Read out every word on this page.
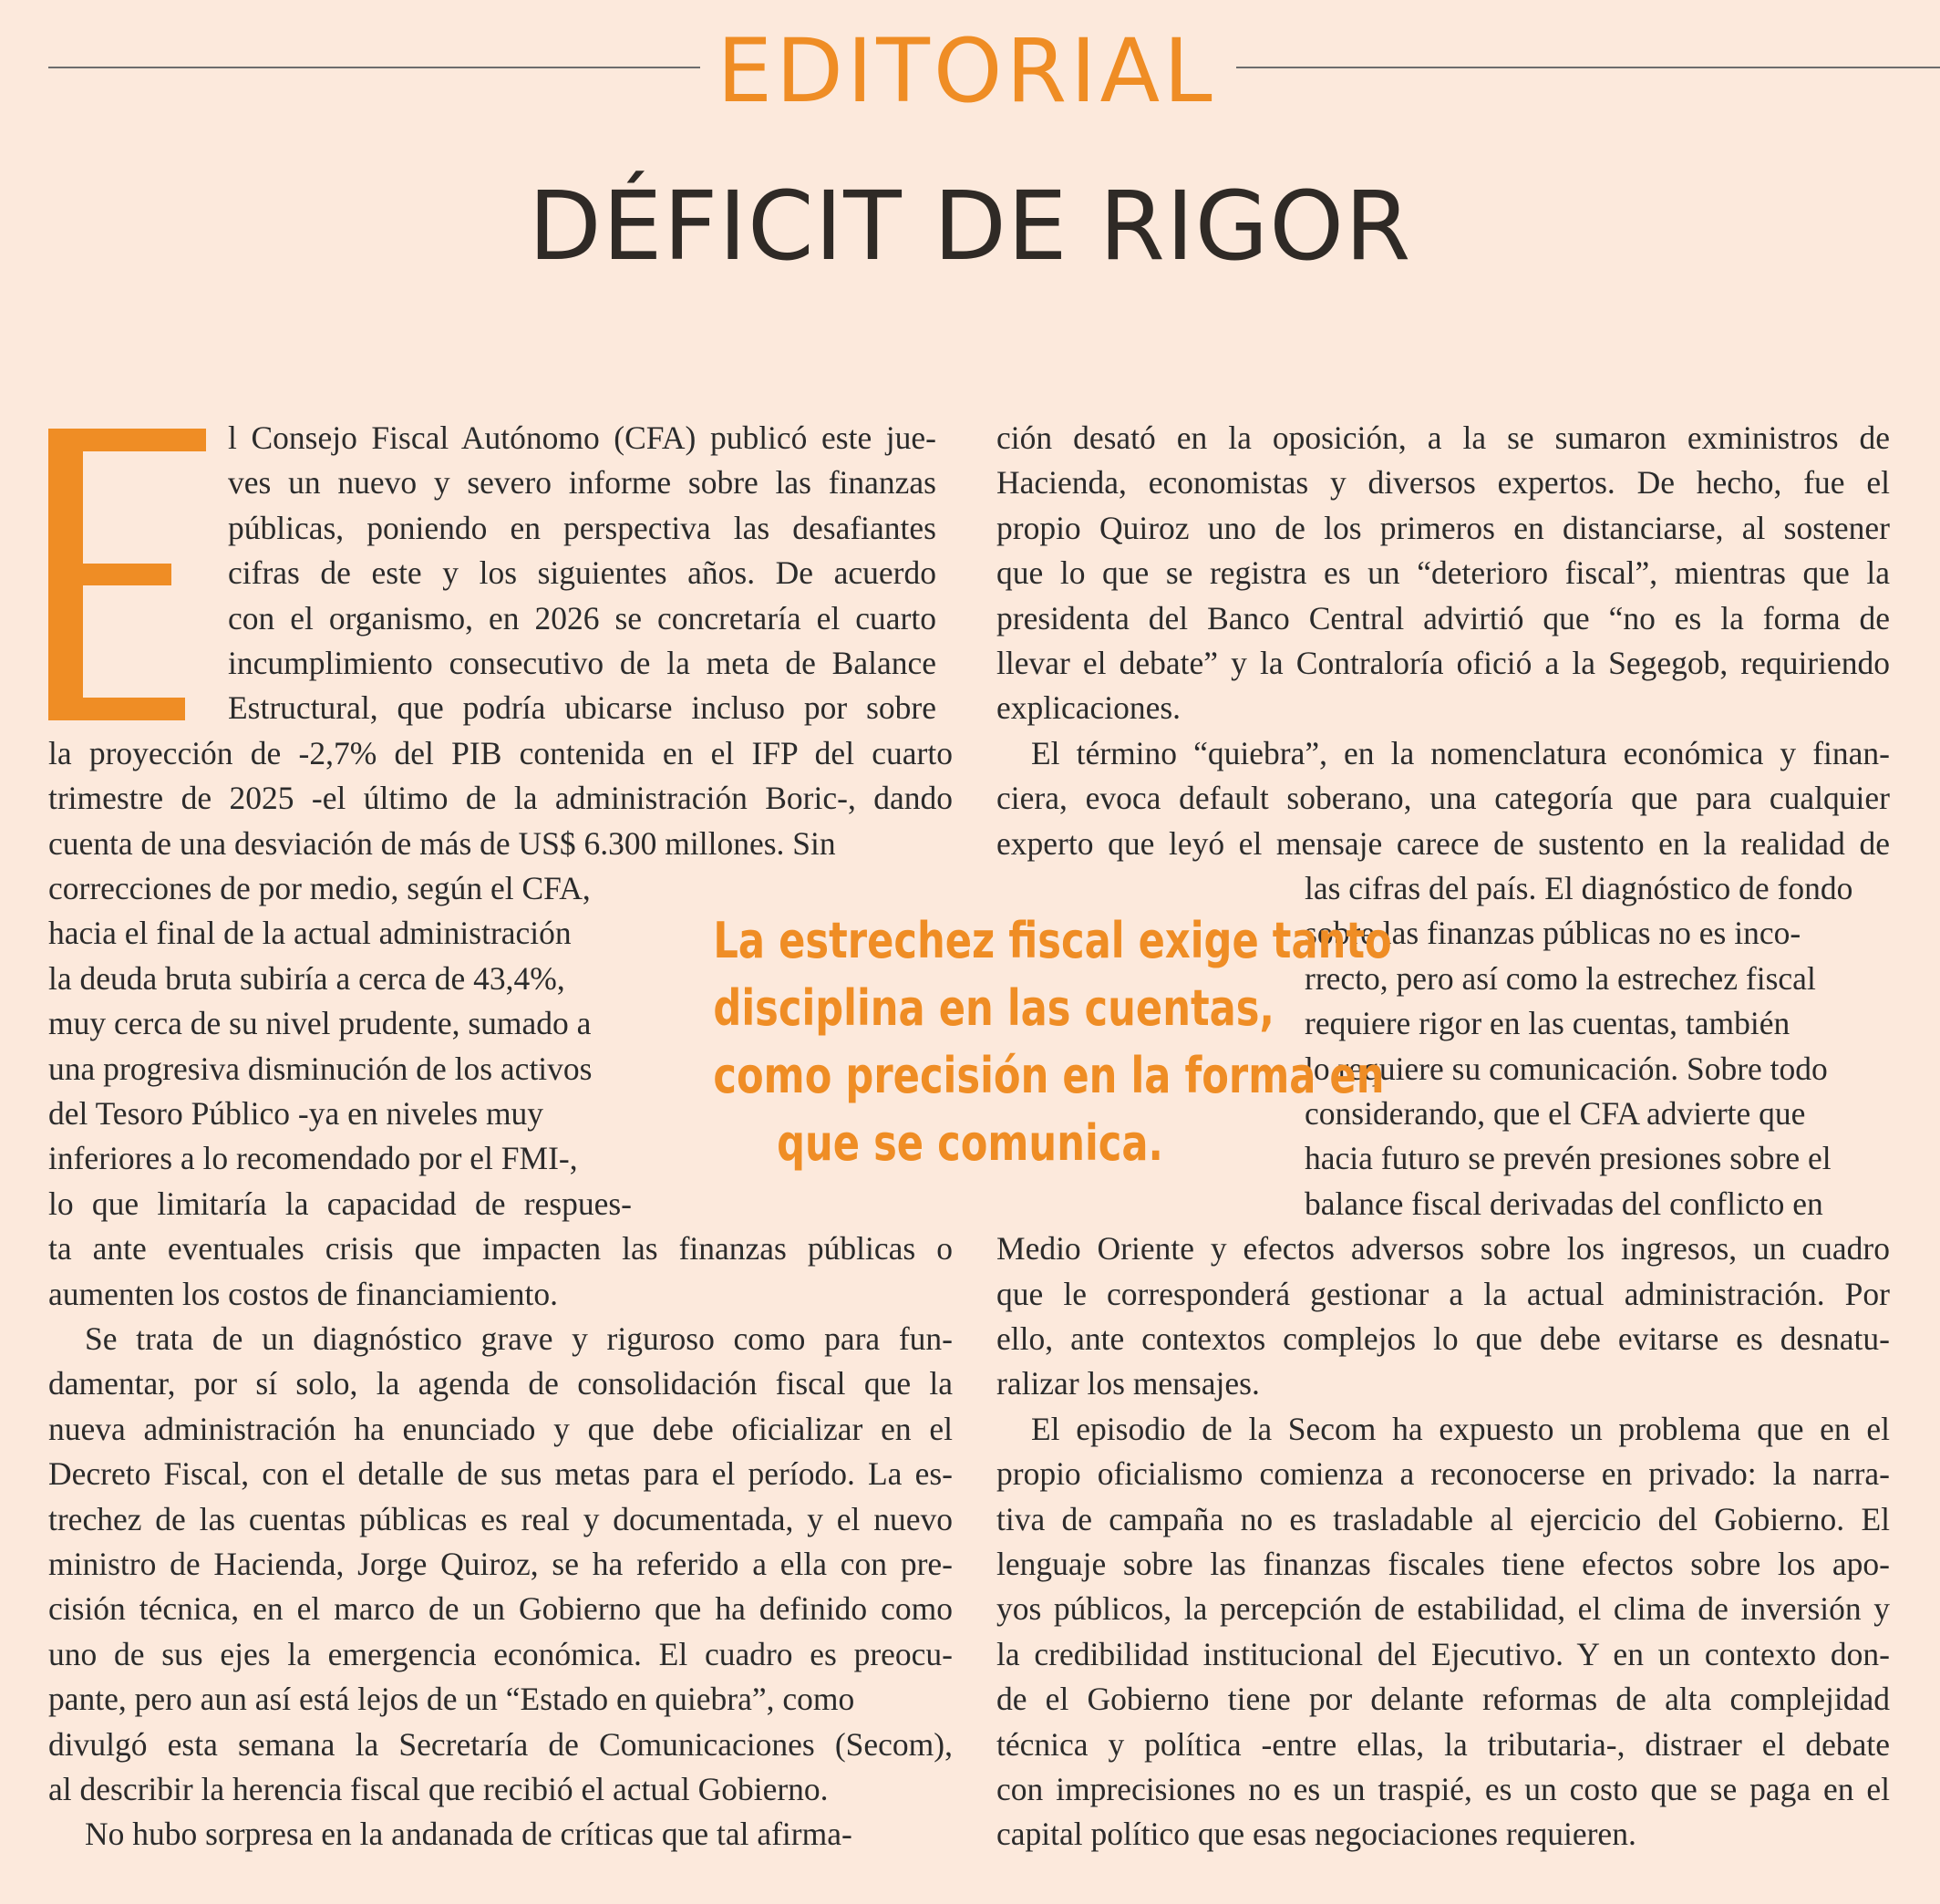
EDITORIAL
DÉFICIT DE RIGOR
l Consejo Fiscal Autónomo (CFA) publicó este jue-
ves un nuevo y severo informe sobre las finanzas
públicas, poniendo en perspectiva las desafiantes
cifras de este y los siguientes años. De acuerdo
con el organismo, en 2026 se concretaría el cuarto
incumplimiento consecutivo de la meta de Balance
Estructural, que podría ubicarse incluso por sobre
la proyección de -2,7% del PIB contenida en el IFP del cuarto
trimestre de 2025 -el último de la administración Boric-, dando
cuenta de una desviación de más de US$ 6.300 millones. Sin
correcciones de por medio, según el CFA,
hacia el final de la actual administración
la deuda bruta subiría a cerca de 43,4%,
muy cerca de su nivel prudente, sumado a
una progresiva disminución de los activos
del Tesoro Público -ya en niveles muy
inferiores a lo recomendado por el FMI-,
lo que limitaría la capacidad de respues-
ta ante eventuales crisis que impacten las finanzas públicas o
aumenten los costos de financiamiento.
Se trata de un diagnóstico grave y riguroso como para fun-
damentar, por sí solo, la agenda de consolidación fiscal que la
nueva administración ha enunciado y que debe oficializar en el
Decreto Fiscal, con el detalle de sus metas para el período. La es-
trechez de las cuentas públicas es real y documentada, y el nuevo
ministro de Hacienda, Jorge Quiroz, se ha referido a ella con pre-
cisión técnica, en el marco de un Gobierno que ha definido como
uno de sus ejes la emergencia económica. El cuadro es preocu-
pante, pero aun así está lejos de un “Estado en quiebra”, como
divulgó esta semana la Secretaría de Comunicaciones (Secom),
al describir la herencia fiscal que recibió el actual Gobierno.
No hubo sorpresa en la andanada de críticas que tal afirma-
ción desató en la oposición, a la se sumaron exministros de
Hacienda, economistas y diversos expertos. De hecho, fue el
propio Quiroz uno de los primeros en distanciarse, al sostener
que lo que se registra es un “deterioro fiscal”, mientras que la
presidenta del Banco Central advirtió que “no es la forma de
llevar el debate” y la Contraloría ofició a la Segegob, requiriendo
explicaciones.
El término “quiebra”, en la nomenclatura económica y finan-
ciera, evoca default soberano, una categoría que para cualquier
experto que leyó el mensaje carece de sustento en la realidad de
las cifras del país. El diagnóstico de fondo
sobre las finanzas públicas no es inco-
rrecto, pero así como la estrechez fiscal
requiere rigor en las cuentas, también
lo requiere su comunicación. Sobre todo
considerando, que el CFA advierte que
hacia futuro se prevén presiones sobre el
balance fiscal derivadas del conflicto en
Medio Oriente y efectos adversos sobre los ingresos, un cuadro
que le corresponderá gestionar a la actual administración. Por
ello, ante contextos complejos lo que debe evitarse es desnatu-
ralizar los mensajes.
El episodio de la Secom ha expuesto un problema que en el
propio oficialismo comienza a reconocerse en privado: la narra-
tiva de campaña no es trasladable al ejercicio del Gobierno. El
lenguaje sobre las finanzas fiscales tiene efectos sobre los apo-
yos públicos, la percepción de estabilidad, el clima de inversión y
la credibilidad institucional del Ejecutivo. Y en un contexto don-
de el Gobierno tiene por delante reformas de alta complejidad
técnica y política -entre ellas, la tributaria-, distraer el debate
con imprecisiones no es un traspié, es un costo que se paga en el
capital político que esas negociaciones requieren.
La estrechez fiscal exige tanto
disciplina en las cuentas,
como precisión en la forma en
que se comunica.
